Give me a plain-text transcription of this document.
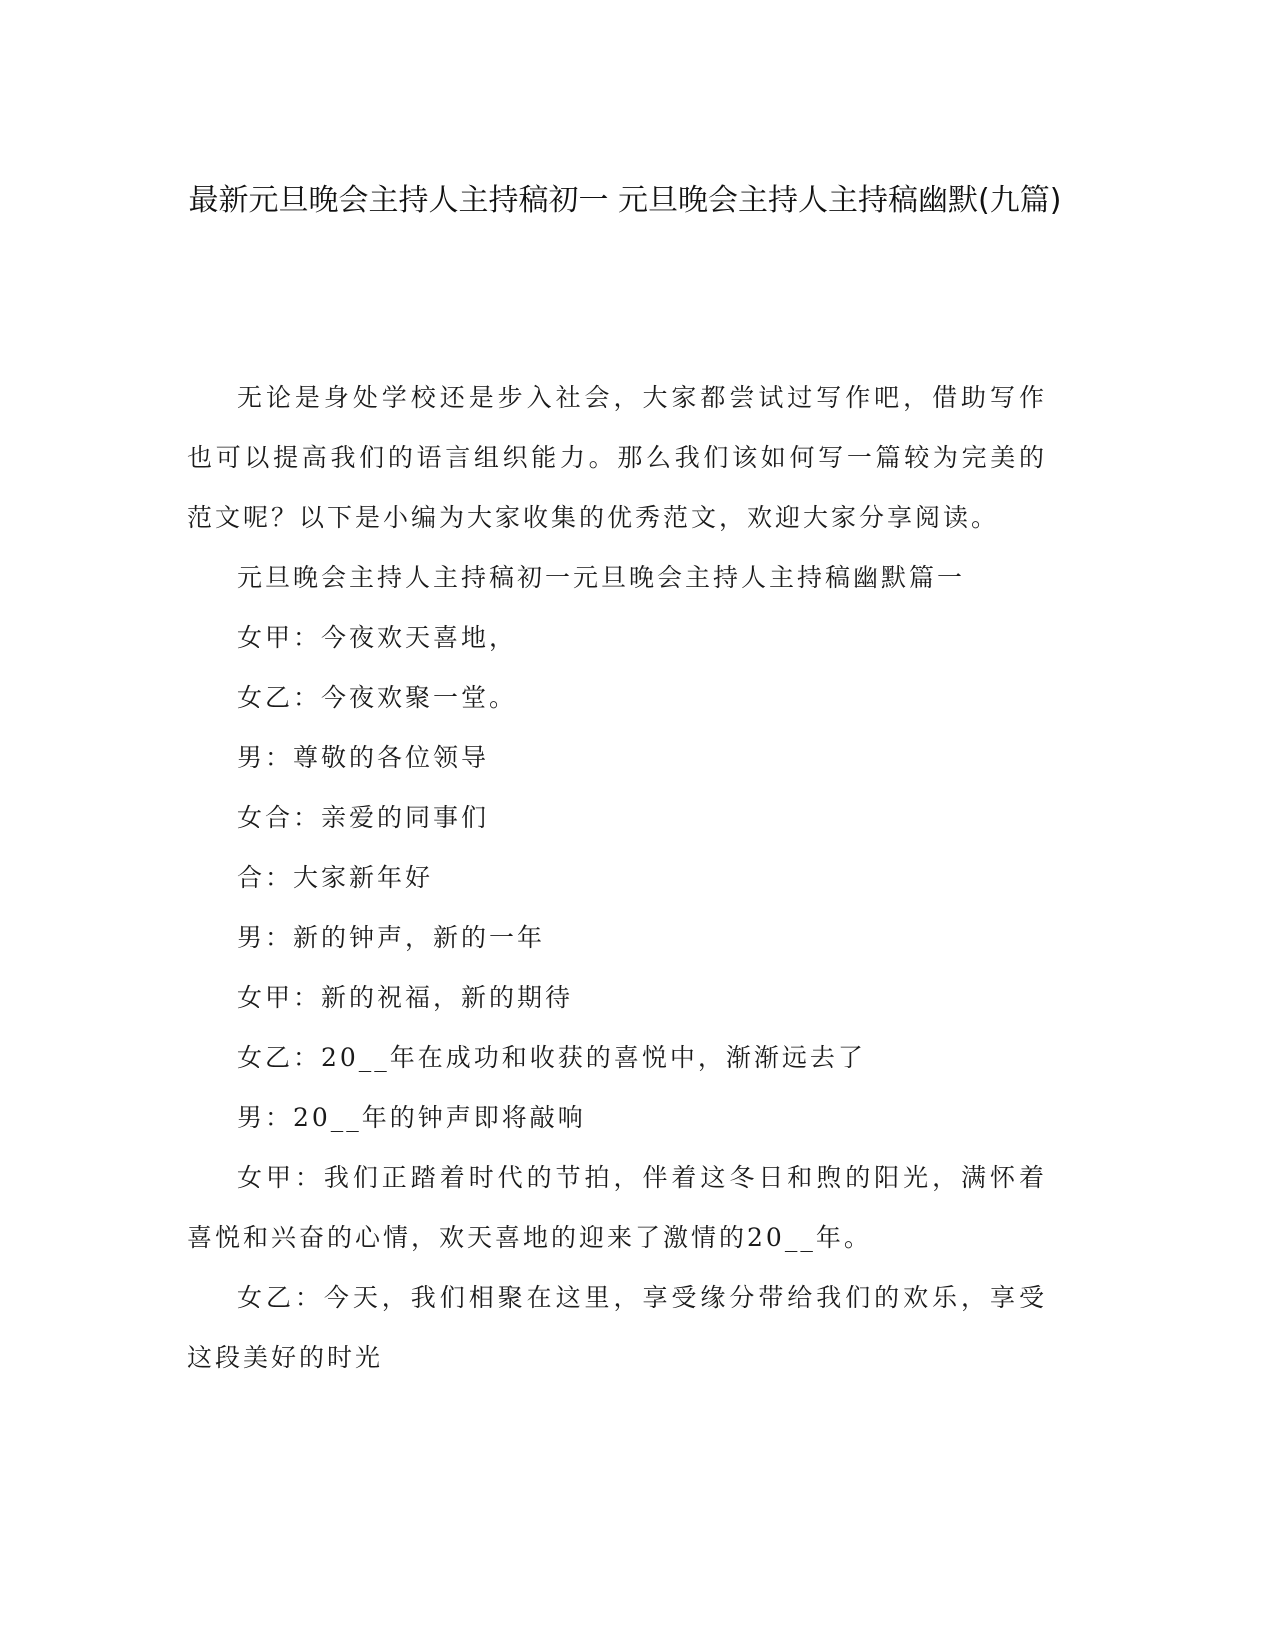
最新元旦晚会主持人主持稿初一 元旦晚会主持人主持稿幽默(九篇)

无论是身处学校还是步入社会，大家都尝试过写作吧，借助写作也可以提高我们的语言组织能力。那么我们该如何写一篇较为完美的范文呢？以下是小编为大家收集的优秀范文，欢迎大家分享阅读。

元旦晚会主持人主持稿初一元旦晚会主持人主持稿幽默篇一

女甲：今夜欢天喜地，

女乙：今夜欢聚一堂。

男：尊敬的各位领导

女合：亲爱的同事们

合：大家新年好

男：新的钟声，新的一年

女甲：新的祝福，新的期待

女乙：20__年在成功和收获的喜悦中，渐渐远去了

男：20__年的钟声即将敲响

女甲：我们正踏着时代的节拍，伴着这冬日和煦的阳光，满怀着喜悦和兴奋的心情，欢天喜地的迎来了激情的20__年。

女乙：今天，我们相聚在这里，享受缘分带给我们的欢乐，享受这段美好的时光
